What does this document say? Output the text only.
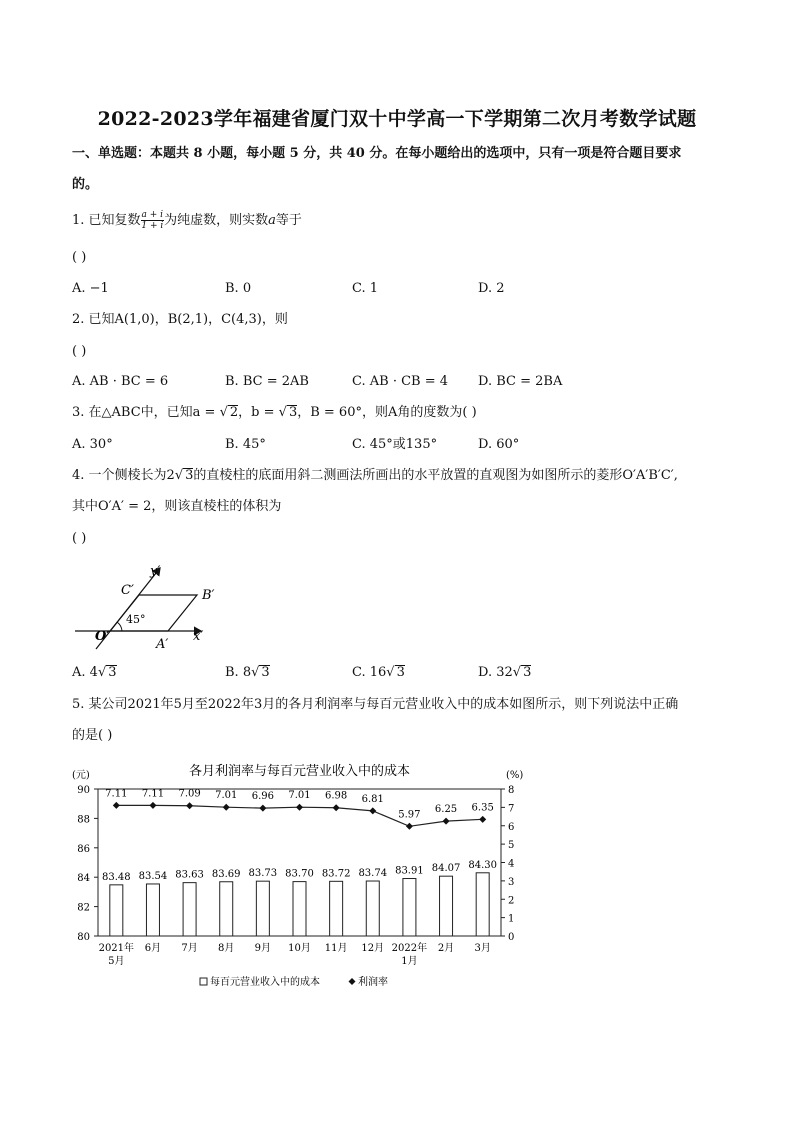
2022-2023学年福建省厦门双十中学高一下学期第二次月考数学试题
一、单选题：本题共 8 小题，每小题 5 分，共 40 分。在每小题给出的选项中，只有一项是符合题目要求
的。
1. 已知复数 $\frac{a + i}{1 + i}$ 为纯虚数，则实数a等于
( )
A. −1	B. 0	C. 1	D. 2
2. 已知A(1,0)，B(2,1)，C(4,3)，则
( )
A. AB · BC = 6	B. BC = 2AB	C. AB · CB = 4 D. BC = 2BA
3. 在△ABC中，已知a = √ 2，b = √ 3，B = 60°，则A角的度数为( )
A. 30°	B. 45°	C. 45°或135°	D. 60°
4. 一个侧棱长为2√ 3的直棱柱的底面用斜二测画法所画出的水平放置的直观图为如图所示的菱形O′A′B′C′,
其中O′A′ = 2，则该直棱柱的体积为
( )
y′
x′
O′
A′
B′
C′
45°
A. 4√ 3	B. 8√ 3	C. 16√ 3	D. 32√ 3
5. 某公司2021年5月至2022年3月的各月利润率与每百元营业收入中的成本如图所示，则下列说法中正确
的是( )
各月利润率与每百元营业收入中的成本
(元)	(%)
80
82
84
86
88
90
0
1
2
3
4
5
6
7
8
83.48 83.54 83.63 83.69 83.73 83.70 83.72 83.74 83.91 84.07 84.30
7.11 7.11 7.09 7.01 6.96 7.01 6.98 6.81
5.97 6.25 6.35
2021年
5月
6月 7月 8月 9月 10月 11月 12月 2022年
1月
2月 3月
每百元营业收入中的成本	利润率
